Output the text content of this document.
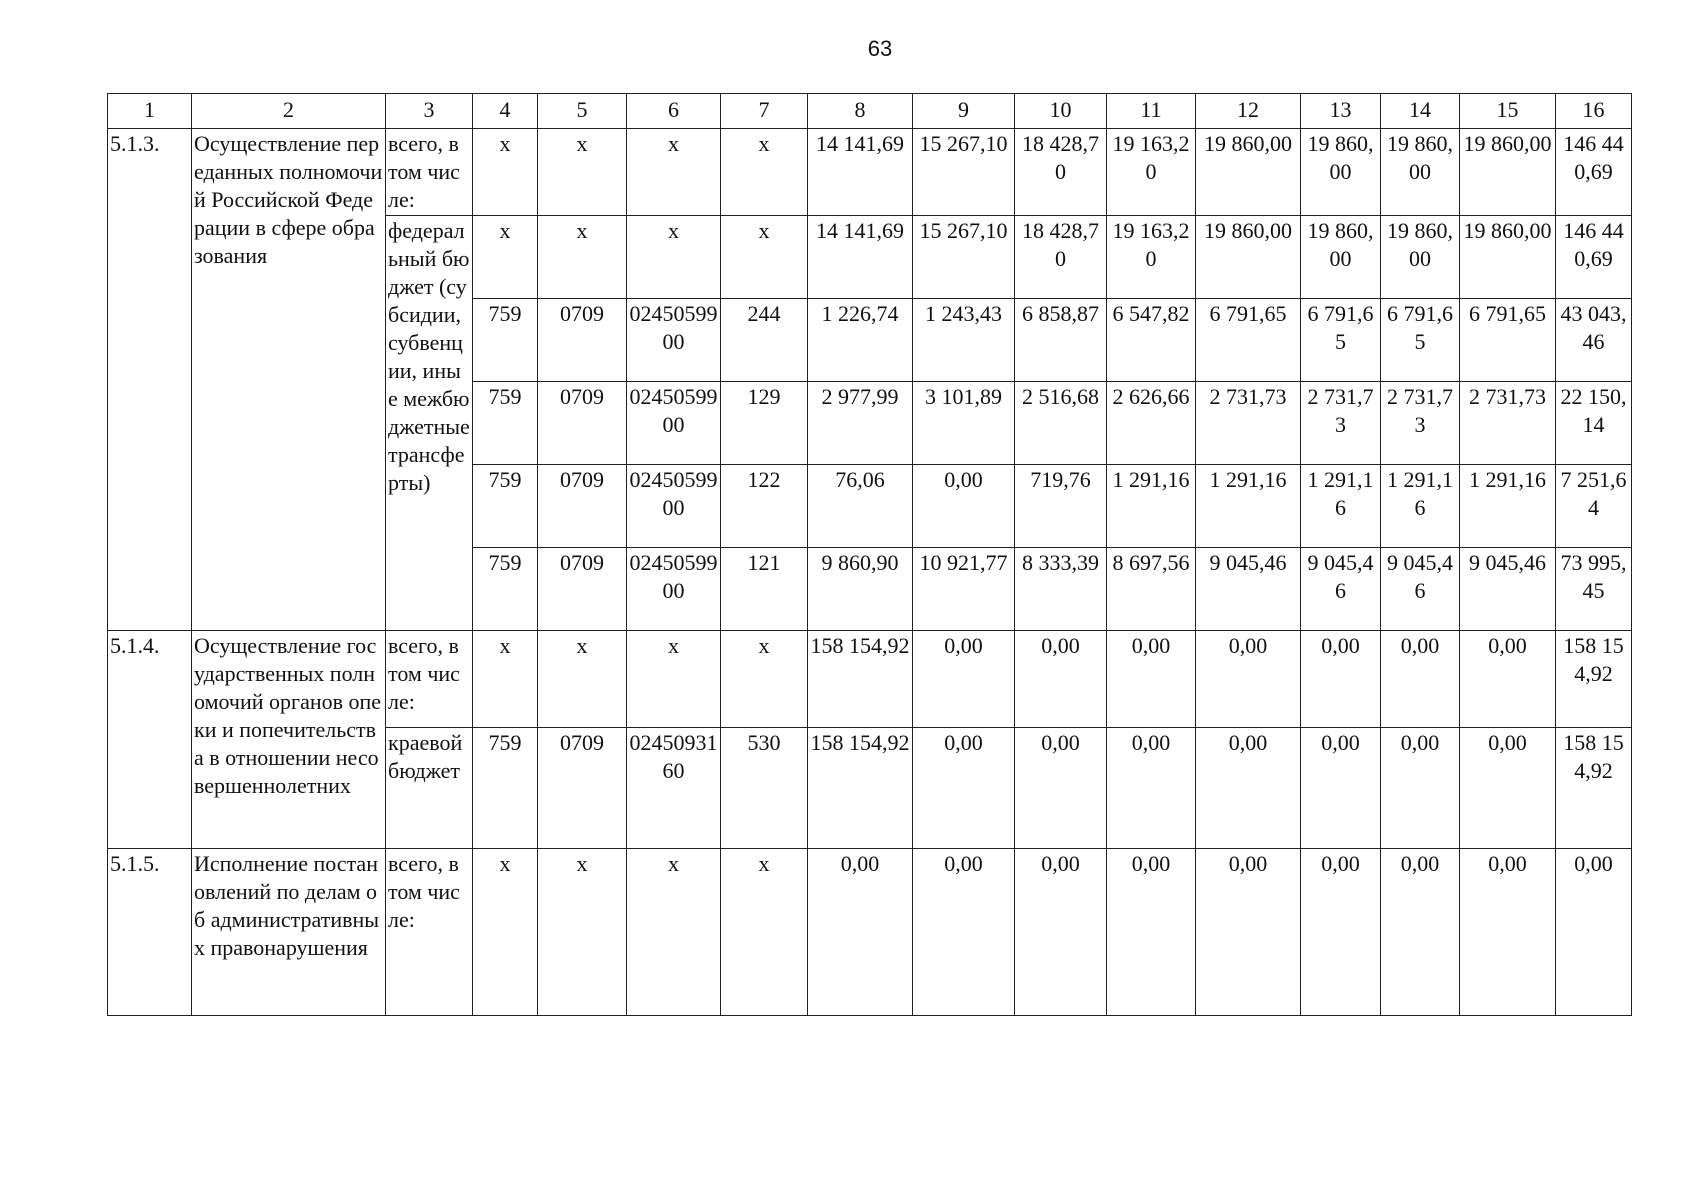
63
1	2	3	4	5	6	7	8	9	10	11	12	13	14	15	16
5.1.3.	Осуществление переданных полномочий Российской Федерации в сфере образования	всего, в том числе:	x	x	x	x	14 141,69	15 267,10	18 428,70	19 163,20	19 860,00	19 860,00	19 860,00	19 860,00	146 440,69
		федеральный бюджет (субсидии, субвенции, иные межбюджетные трансферты)	x	x	x	x	14 141,69	15 267,10	18 428,70	19 163,20	19 860,00	19 860,00	19 860,00	19 860,00	146 440,69
			759	0709	0245059900	244	1 226,74	1 243,43	6 858,87	6 547,82	6 791,65	6 791,65	6 791,65	6 791,65	43 043,46
			759	0709	0245059900	129	2 977,99	3 101,89	2 516,68	2 626,66	2 731,73	2 731,73	2 731,73	2 731,73	22 150,14
			759	0709	0245059900	122	76,06	0,00	719,76	1 291,16	1 291,16	1 291,16	1 291,16	1 291,16	7 251,64
			759	0709	0245059900	121	9 860,90	10 921,77	8 333,39	8 697,56	9 045,46	9 045,46	9 045,46	9 045,46	73 995,45
5.1.4.	Осуществление государственных полномочий органов опеки и попечительства в отношении несовершеннолетних	всего, в том числе:	x	x	x	x	158 154,92	0,00	0,00	0,00	0,00	0,00	0,00	0,00	158 154,92
		краевой бюджет	759	0709	0245093160	530	158 154,92	0,00	0,00	0,00	0,00	0,00	0,00	0,00	158 154,92
5.1.5.	Исполнение постановлений по делам об административных правонарушения	всего, в том числе:	x	x	x	x	0,00	0,00	0,00	0,00	0,00	0,00	0,00	0,00	0,00
